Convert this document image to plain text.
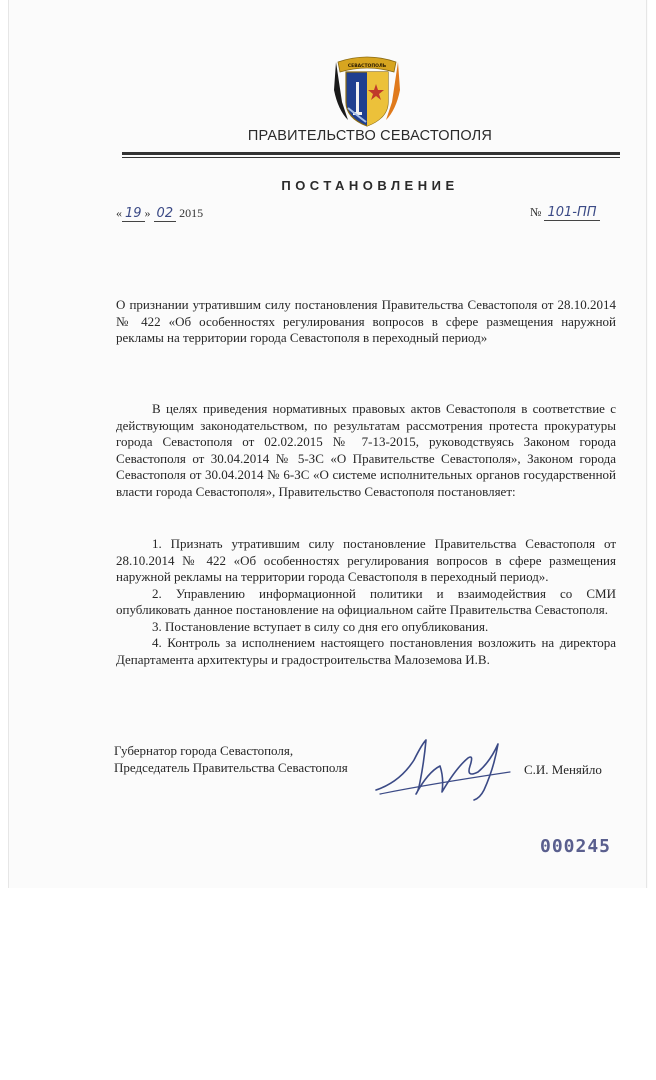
СЕВАСТОПОЛЬ
ПРАВИТЕЛЬСТВО СЕВАСТОПОЛЯ
ПОСТАНОВЛЕНИЕ
« 19 » 02 2015	№ 101-ПП
О признании утратившим силу постановления Правительства Севастополя от 28.10.2014 № 422 «Об особенностях регулирования вопросов в сфере размещения наружной рекламы на территории города Севастополя в переходный период»
В целях приведения нормативных правовых актов Севастополя в соответствие с действующим законодательством, по результатам рассмотрения протеста прокуратуры города Севастополя от 02.02.2015 № 7-13-2015, руководствуясь Законом города Севастополя от 30.04.2014 № 5-ЗС «О Правительстве Севастополя», Законом города Севастополя от 30.04.2014 № 6-ЗС «О системе исполнительных органов государственной власти города Севастополя», Правительство Севастополя постановляет:

1. Признать утратившим силу постановление Правительства Севастополя от 28.10.2014 № 422 «Об особенностях регулирования вопросов в сфере размещения наружной рекламы на территории города Севастополя в переходный период».

2. Управлению информационной политики и взаимодействия со СМИ опубликовать данное постановление на официальном сайте Правительства Севастополя.

3. Постановление вступает в силу со дня его опубликования.

4. Контроль за исполнением настоящего постановления возложить на директора Департамента архитектуры и градостроительства Малоземова И.В.

Губернатор города Севастополя,
Председатель Правительства Севастополя	С.И. Меняйло
000245
